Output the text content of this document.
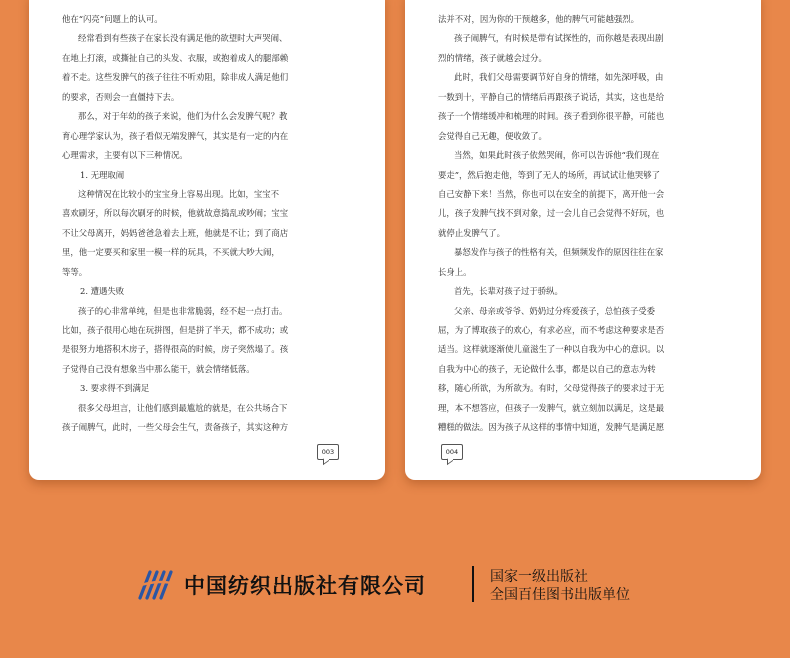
他在“闪亮”问题上的认可。
经常看到有些孩子在家长没有满足他的欲望时大声哭闹、
在地上打滚，或撕扯自己的头发、衣服，或抱着成人的腿部赖
着不走。这些发脾气的孩子往往不听劝阻，除非成人满足他们
的要求，否则会一直僵持下去。
那么，对于年幼的孩子来说，他们为什么会发脾气呢？教
育心理学家认为，孩子看似无端发脾气，其实是有一定的内在
心理需求，主要有以下三种情况。
1. 无理取闹
这种情况在比较小的宝宝身上容易出现。比如，宝宝不
喜欢刷牙，所以每次刷牙的时候，他就故意捣乱或吵闹；宝宝
不让父母离开，妈妈爸爸急着去上班，他就是不让；到了商店
里，他一定要买和家里一模一样的玩具，不买就大吵大闹，
等等。
2. 遭遇失败
孩子的心非常单纯，但是也非常脆弱，经不起一点打击。
比如，孩子很用心地在玩拼图，但是拼了半天，都不成功；或
是很努力地搭积木房子，搭得很高的时候，房子突然塌了。孩
子觉得自己没有想象当中那么能干，就会情绪低落。
3. 要求得不到满足
很多父母坦言，让他们感到最尴尬的就是，在公共场合下
孩子闹脾气，此时，一些父母会生气，责备孩子，其实这种方
003
法并不对，因为你的干预越多，他的脾气可能越强烈。
孩子闹脾气，有时候是带有试探性的，而你越是表现出剧
烈的情绪，孩子就越会过分。
此时，我们父母需要调节好自身的情绪，如先深呼吸，由
一数到十，平静自己的情绪后再跟孩子说话，其实，这也是给
孩子一个情绪缓冲和梳理的时间。孩子看到你很平静，可能也
会觉得自己无趣，便收敛了。
当然，如果此时孩子依然哭闹，你可以告诉他“我们现在
要走”，然后抱走他，等到了无人的场所，再试试让他哭够了
自己安静下来！当然，你也可以在安全的前提下，离开他一会
儿，孩子发脾气找不到对象，过一会儿自己会觉得不好玩，也
就停止发脾气了。
暴怒发作与孩子的性格有关，但频频发作的原因往往在家
长身上。
首先，长辈对孩子过于骄纵。
父亲、母亲或爷爷、奶奶过分疼爱孩子，总怕孩子受委
屈，为了博取孩子的欢心，有求必应，而不考虑这种要求是否
适当。这样就逐渐使儿童滋生了一种以自我为中心的意识。以
自我为中心的孩子，无论做什么事，都是以自己的意志为转
移，随心所欲，为所欲为。有时，父母觉得孩子的要求过于无
理，本不想答应，但孩子一发脾气，就立刻加以满足，这是最
糟糕的做法。因为孩子从这样的事情中知道，发脾气是满足愿
004
中国纺织出版社有限公司	国家一级出版社
全国百佳图书出版单位
